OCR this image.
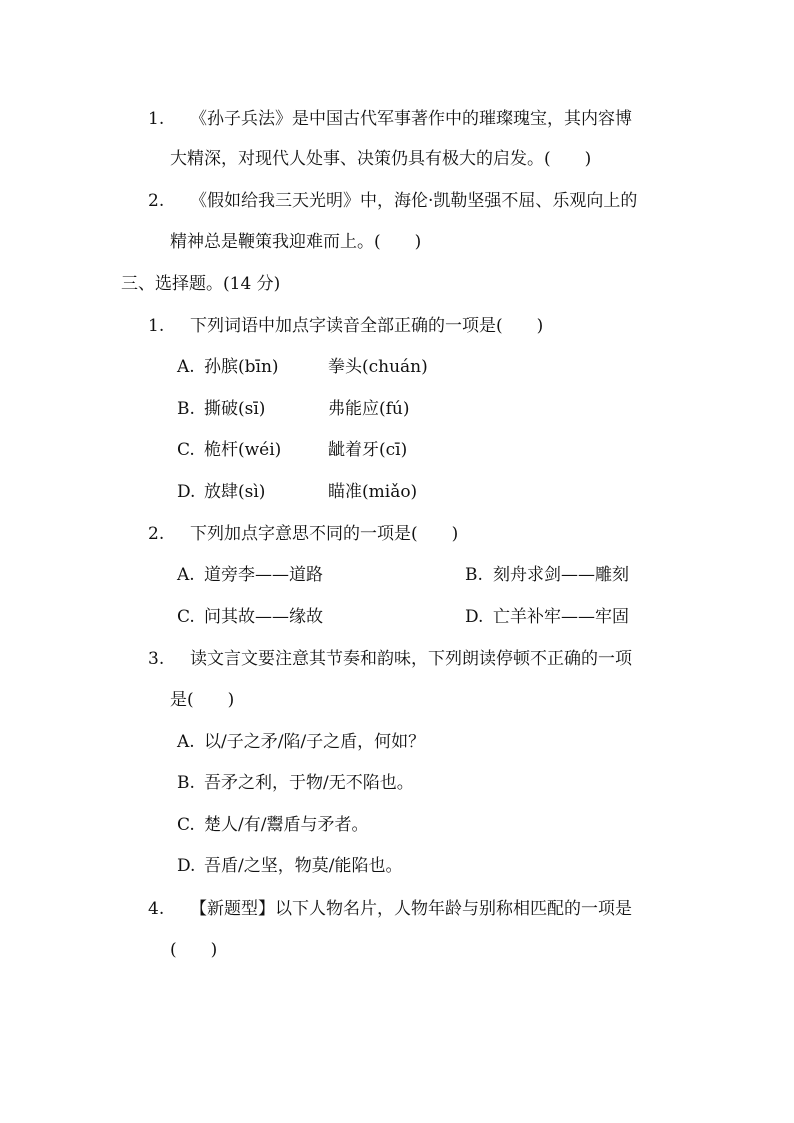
1. 《孙子兵法》是中国古代军事著作中的璀璨瑰宝，其内容博
大精深，对现代人处事、决策仍具有极大的启发。(　　)
2. 《假如给我三天光明》中，海伦·凯勒坚强不屈、乐观向上的
精神总是鞭策我迎难而上。(　　)
三、选择题。(14 分)
1. 下列词语中加点字读音全部正确的一项是(　　)
A. 孙膑(bīn)	拳头(chuán)
B. 撕破(sī)	弗能应(fú)
C. 桅杆(wéi)	龇着牙(cī)
D. 放肆(sì)	瞄准(miǎo)
2. 下列加点字意思不同的一项是(　　)
A. 道旁李——道路	B. 刻舟求剑——雕刻
C. 问其故——缘故	D. 亡羊补牢——牢固
3. 读文言文要注意其节奏和韵味，下列朗读停顿不正确的一项
是(　　)
A. 以/子之矛/陷/子之盾，何如？
B. 吾矛之利，于物/无不陷也。
C. 楚人/有/鬻盾与矛者。
D. 吾盾/之坚，物莫/能陷也。
4. 【新题型】以下人物名片，人物年龄与别称相匹配的一项是
(　　)
